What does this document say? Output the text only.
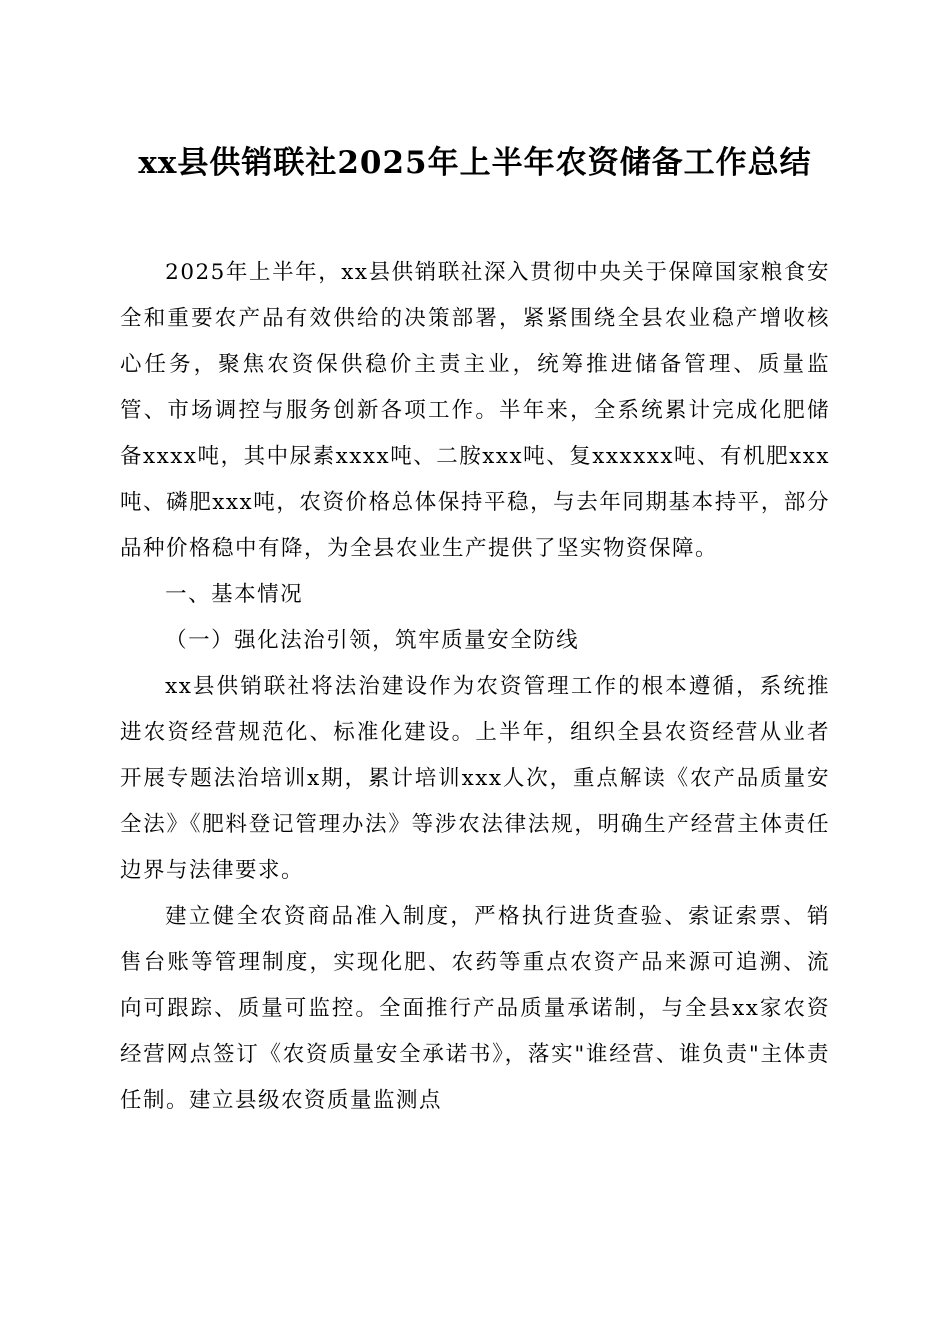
xx县供销联社2025年上半年农资储备工作总结

2025年上半年，xx县供销联社深入贯彻中央关于保障国家粮食安全和重要农产品有效供给的决策部署，紧紧围绕全县农业稳产增收核心任务，聚焦农资保供稳价主责主业，统筹推进储备管理、质量监管、市场调控与服务创新各项工作。半年来，全系统累计完成化肥储备xxxx吨，其中尿素xxxx吨、二胺xxx吨、复xxxxxx吨、有机肥xxx吨、磷肥xxx吨，农资价格总体保持平稳，与去年同期基本持平，部分品种价格稳中有降，为全县农业生产提供了坚实物资保障。

一、基本情况

（一）强化法治引领，筑牢质量安全防线

xx县供销联社将法治建设作为农资管理工作的根本遵循，系统推进农资经营规范化、标准化建设。上半年，组织全县农资经营从业者开展专题法治培训x期，累计培训xxx人次，重点解读《农产品质量安全法》《肥料登记管理办法》等涉农法律法规，明确生产经营主体责任边界与法律要求。

建立健全农资商品准入制度，严格执行进货查验、索证索票、销售台账等管理制度，实现化肥、农药等重点农资产品来源可追溯、流向可跟踪、质量可监控。全面推行产品质量承诺制，与全县xx家农资经营网点签订《农资质量安全承诺书》，落实"谁经营、谁负责"主体责任制。建立县级农资质量监测点
